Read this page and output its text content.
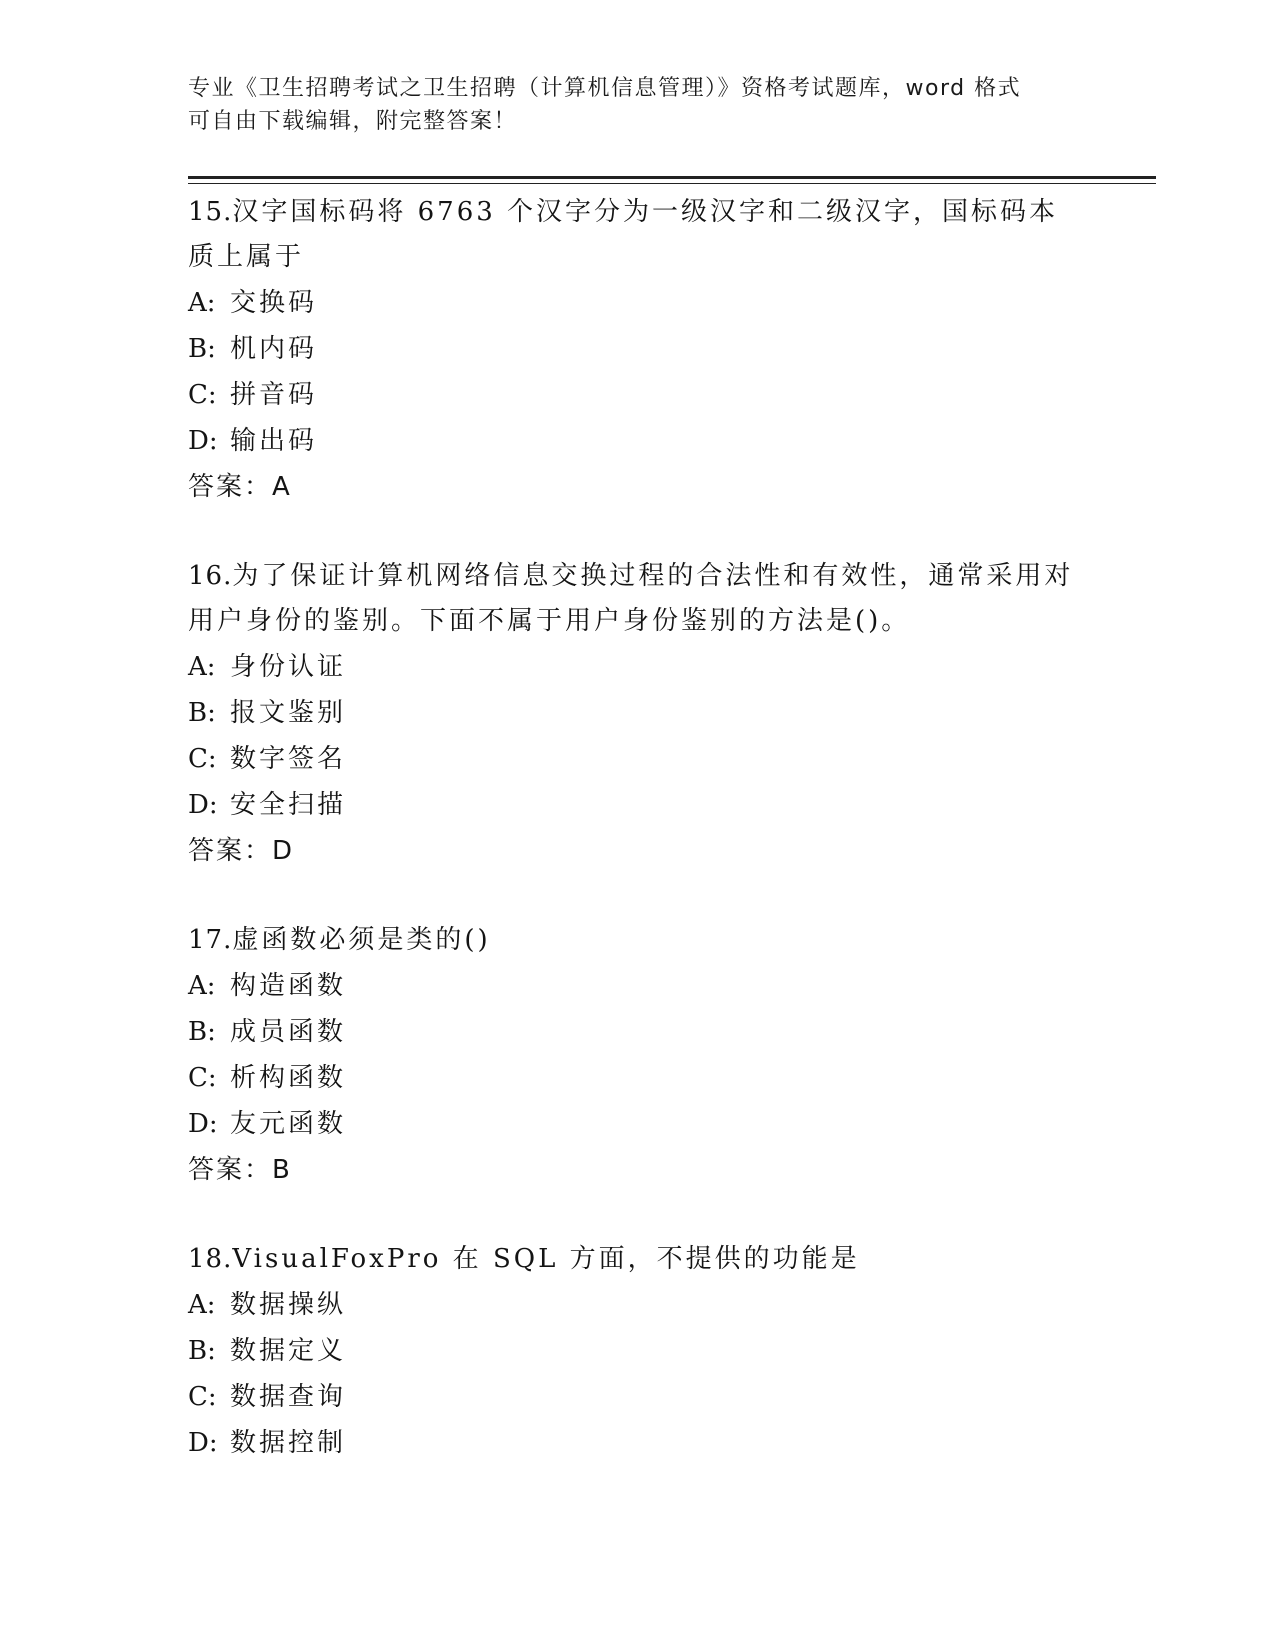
专业《卫生招聘考试之卫生招聘（计算机信息管理）》资格考试题库，word 格式
可自由下载编辑，附完整答案！
15.汉字国标码将 6763 个汉字分为一级汉字和二级汉字，国标码本质上属于
A: 交换码
B: 机内码
C: 拼音码
D: 输出码
答案：A
16.为了保证计算机网络信息交换过程的合法性和有效性，通常采用对用户身份的鉴别。下面不属于用户身份鉴别的方法是()。
A: 身份认证
B: 报文鉴别
C: 数字签名
D: 安全扫描
答案：D
17.虚函数必须是类的()
A: 构造函数
B: 成员函数
C: 析构函数
D: 友元函数
答案：B
18.VisualFoxPro 在 SQL 方面，不提供的功能是
A: 数据操纵
B: 数据定义
C: 数据查询
D: 数据控制
